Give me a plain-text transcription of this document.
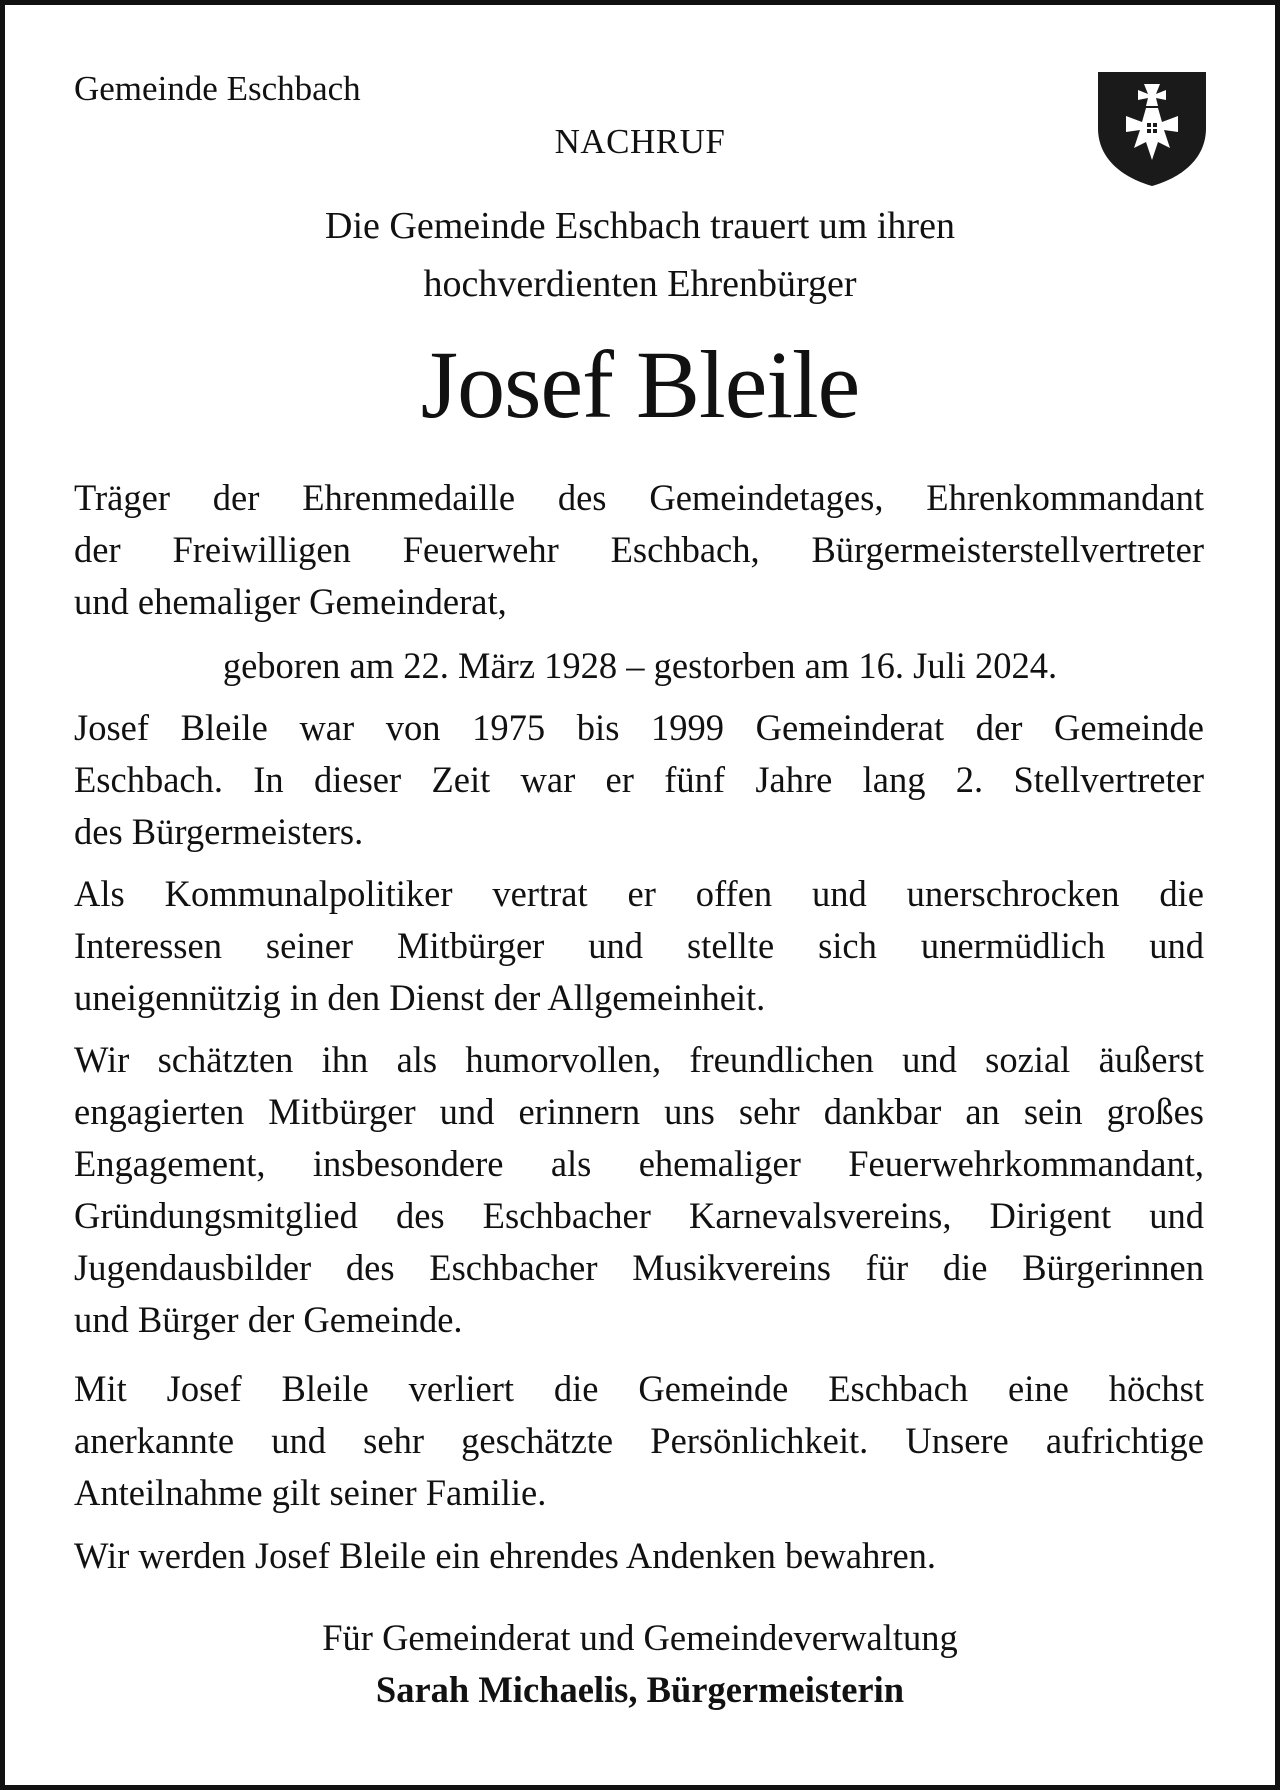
Gemeinde Eschbach
NACHRUF
Die Gemeinde Eschbach trauert um ihren
hochverdienten Ehrenbürger
Josef Bleile
Träger der Ehrenmedaille des Gemeindetages, Ehrenkommandant
der Freiwilligen Feuerwehr Eschbach, Bürgermeisterstellvertreter
und ehemaliger Gemeinderat,
geboren am 22. März 1928 – gestorben am 16. Juli 2024.
Josef Bleile war von 1975 bis 1999 Gemeinderat der Gemeinde
Eschbach. In dieser Zeit war er fünf Jahre lang 2. Stellvertreter
des Bürgermeisters.
Als Kommunalpolitiker vertrat er offen und unerschrocken die
Interessen seiner Mitbürger und stellte sich unermüdlich und
uneigennützig in den Dienst der Allgemeinheit.
Wir schätzten ihn als humorvollen, freundlichen und sozial äußerst
engagierten Mitbürger und erinnern uns sehr dankbar an sein großes
Engagement, insbesondere als ehemaliger Feuerwehrkommandant,
Gründungsmitglied des Eschbacher Karnevalsvereins, Dirigent und
Jugendausbilder des Eschbacher Musikvereins für die Bürgerinnen
und Bürger der Gemeinde.
Mit Josef Bleile verliert die Gemeinde Eschbach eine höchst
anerkannte und sehr geschätzte Persönlichkeit. Unsere aufrichtige
Anteilnahme gilt seiner Familie.
Wir werden Josef Bleile ein ehrendes Andenken bewahren.
Für Gemeinderat und Gemeindeverwaltung
Sarah Michaelis, Bürgermeisterin
